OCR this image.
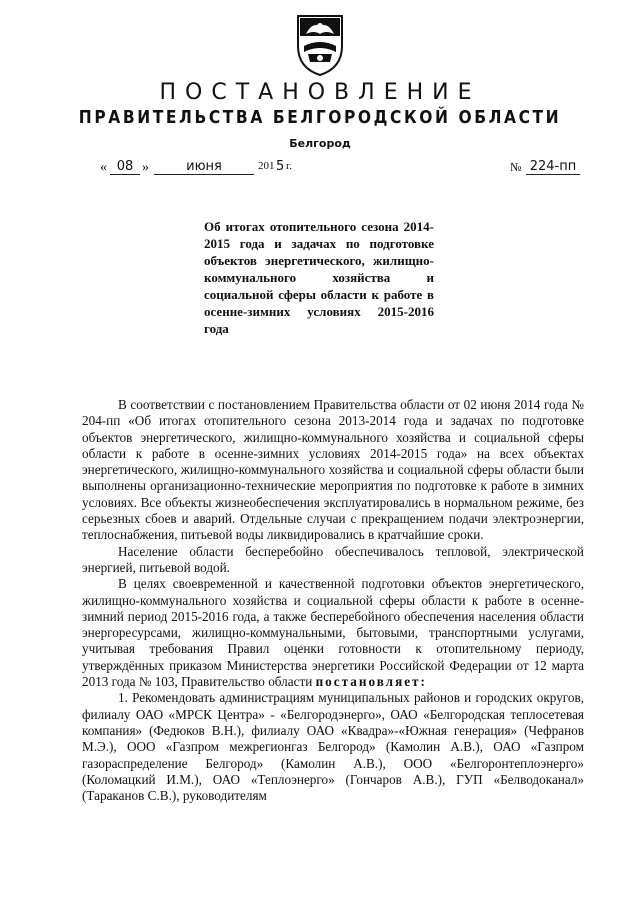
ПОСТАНОВЛЕНИЕ
ПРАВИТЕЛЬСТВА БЕЛГОРОДСКОЙ ОБЛАСТИ
Белгород
« 08 »	июня	201 5 г.	№ 224-пп
Об итогах отопительного сезона 2014-2015 года и задачах по подготовке объектов энергетического, жилищно-коммунального хозяйства и социальной сферы области к работе в осенне-зимних условиях 2015-2016 года

В соответствии с постановлением Правительства области от 02 июня 2014 года № 204-пп «Об итогах отопительного сезона 2013-2014 года и задачах по подготовке объектов энергетического, жилищно-коммунального хозяйства и социальной сферы области к работе в осенне-зимних условиях 2014-2015 года» на всех объектах энергетического, жилищно-коммунального хозяйства и социальной сферы области были выполнены организационно-технические мероприятия по подготовке к работе в зимних условиях. Все объекты жизнеобеспечения эксплуатировались в нормальном режиме, без серьезных сбоев и аварий. Отдельные случаи с прекращением подачи электроэнергии, теплоснабжения, питьевой воды ликвидировались в кратчайшие сроки.

Население области бесперебойно обеспечивалось тепловой, электрической энергией, питьевой водой.

В целях своевременной и качественной подготовки объектов энергетического, жилищно-коммунального хозяйства и социальной сферы области к работе в осенне-зимний период 2015-2016 года, а также бесперебойного обеспечения населения области энергоресурсами, жилищно-коммунальными, бытовыми, транспортными услугами, учитывая требования Правил оценки готовности к отопительному периоду, утверждённых приказом Министерства энергетики Российской Федерации от 12 марта 2013 года № 103, Правительство области постановляет:

1. Рекомендовать администрациям муниципальных районов и городских округов, филиалу ОАО «МРСК Центра» - «Белгородэнерго», ОАО «Белгородская теплосетевая компания» (Федюков В.Н.), филиалу ОАО «Квадра»-«Южная генерация» (Чефранов М.Э.), ООО «Газпром межрегионгаз Белгород» (Камолин А.В.), ОАО «Газпром газораспределение Белгород» (Камолин А.В.), ООО «Белгоронтеплоэнерго» (Коломацкий И.М.), ОАО «Теплоэнерго» (Гончаров А.В.), ГУП «Белводоканал» (Тараканов С.В.), руководителям
